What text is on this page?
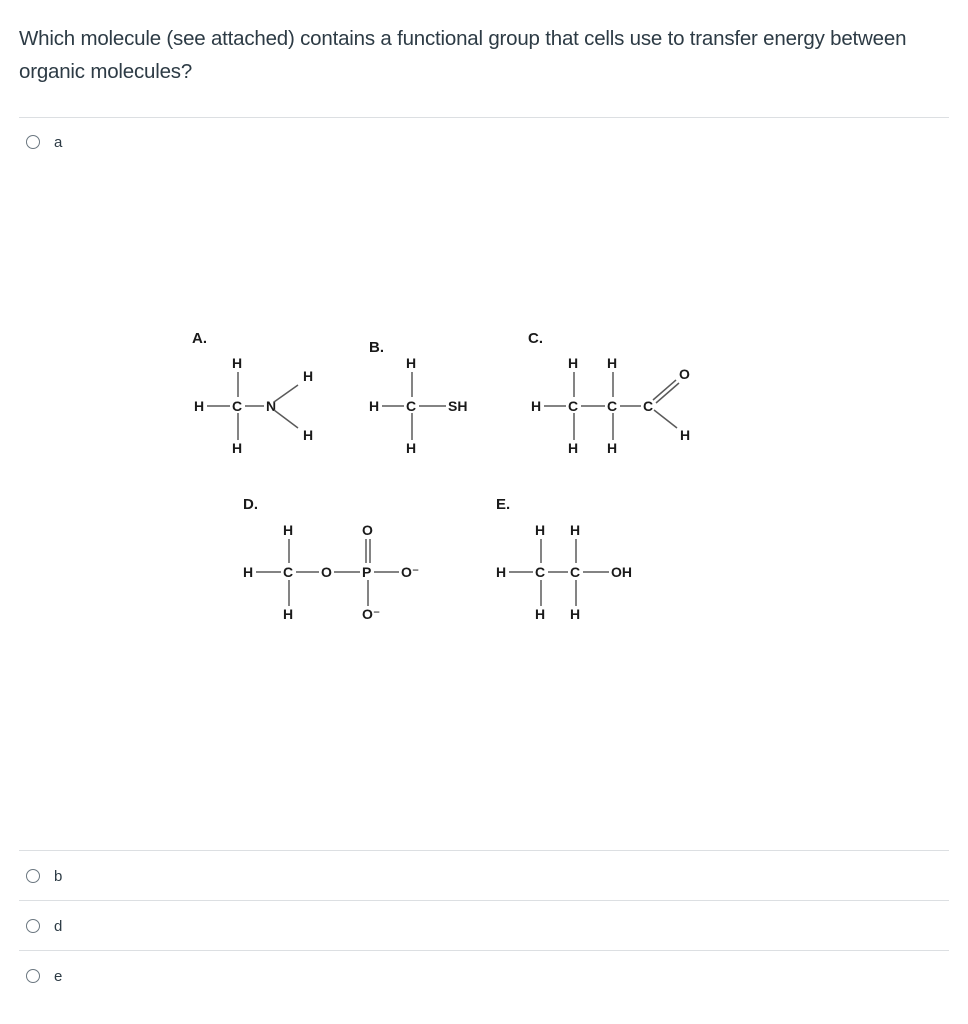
Which molecule (see attached) contains a functional group that cells use to transfer energy between organic molecules?
a
A.
H
H C N
H
H
H
B.
H
H C SH
H
C.
H H
H C C C
O
H
H H
D.
H
H C O P O⁻
O
O⁻
H
E.
H H
H C C OH
H H
b
d
e
